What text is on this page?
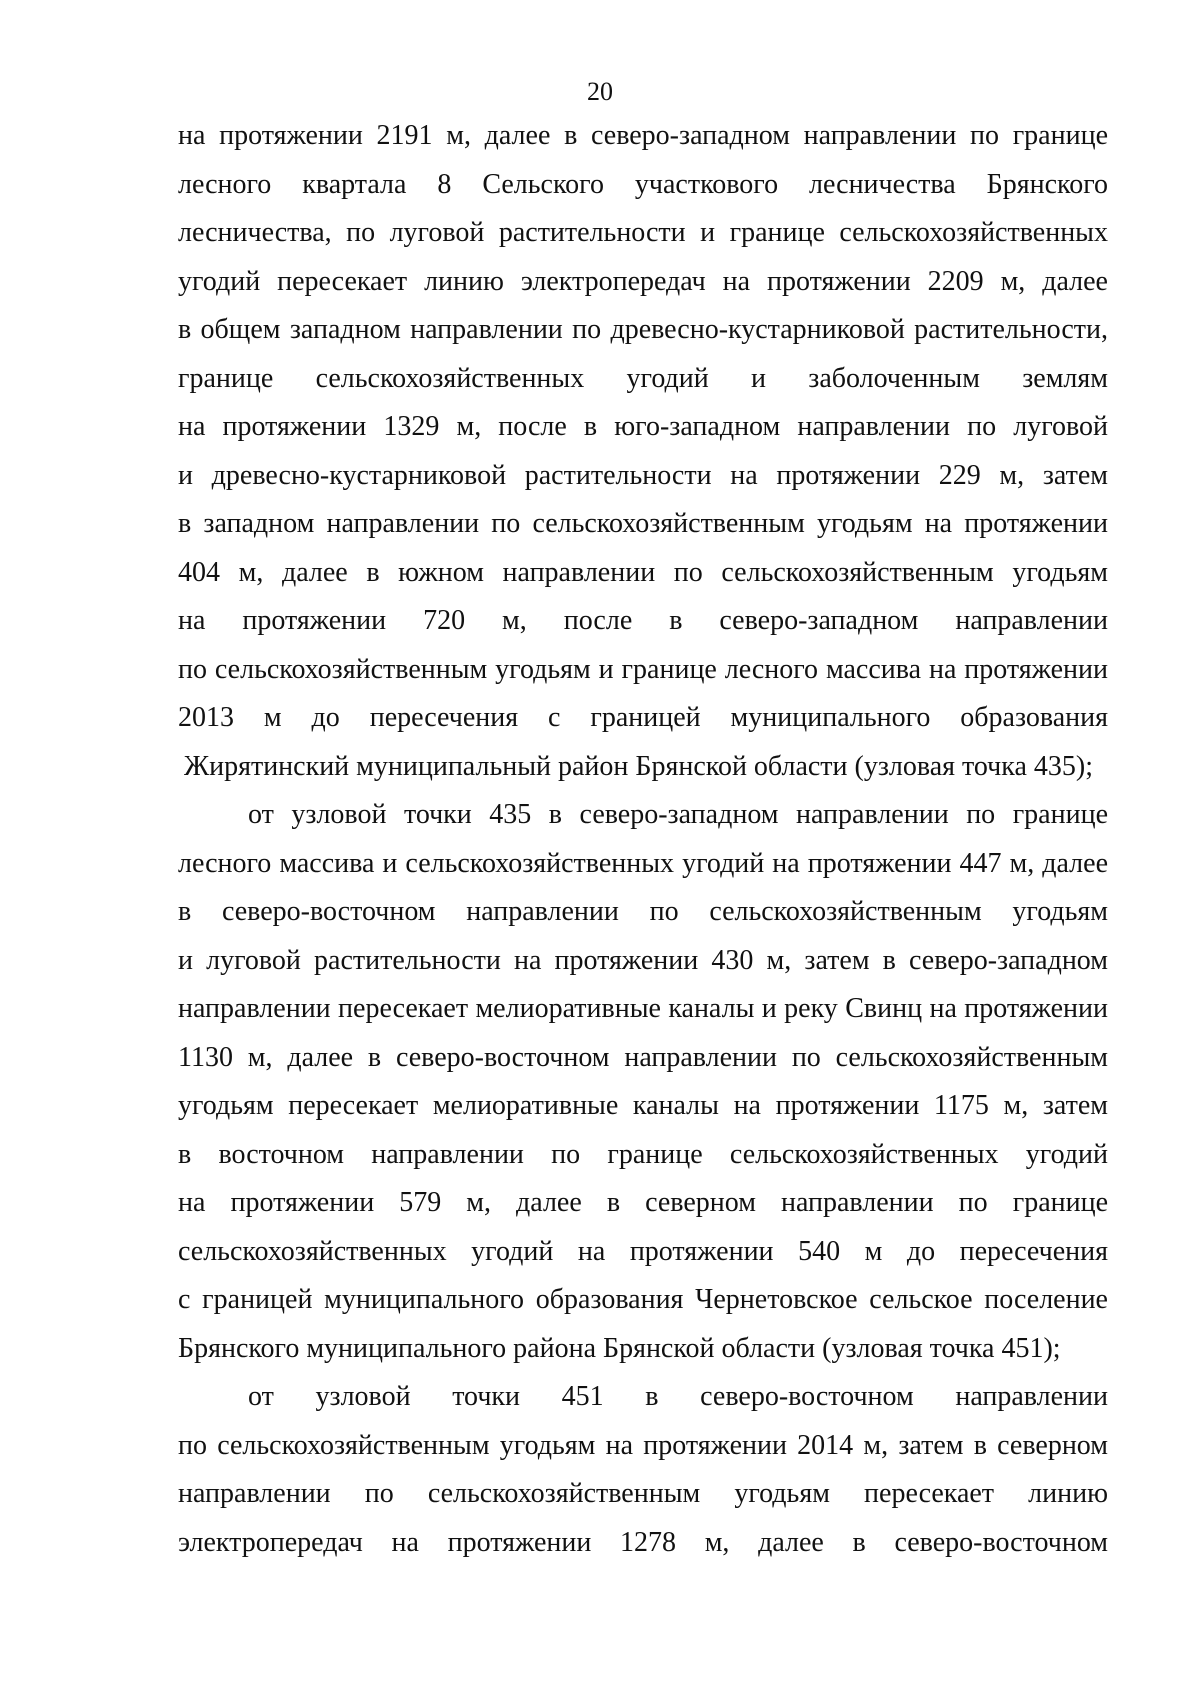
20
на протяжении 2191 м, далее в северо-западном направлении по границе
лесного квартала 8 Сельского участкового лесничества Брянского
лесничества, по луговой растительности и границе сельскохозяйственных
угодий пересекает линию электропередач на протяжении 2209 м, далее
в общем западном направлении по древесно-кустарниковой растительности,
границе сельскохозяйственных угодий и заболоченным землям
на протяжении 1329 м, после в юго-западном направлении по луговой
и древесно-кустарниковой растительности на протяжении 229 м, затем
в западном направлении по сельскохозяйственным угодьям на протяжении
404 м, далее в южном направлении по сельскохозяйственным угодьям
на протяжении 720 м, после в северо-западном направлении
по сельскохозяйственным угодьям и границе лесного массива на протяжении
2013 м до пересечения с границей муниципального образования
Жирятинский муниципальный район Брянской области (узловая точка 435);
от узловой точки 435 в северо-западном направлении по границе
лесного массива и сельскохозяйственных угодий на протяжении 447 м, далее
в северо-восточном направлении по сельскохозяйственным угодьям
и луговой растительности на протяжении 430 м, затем в северо-западном
направлении пересекает мелиоративные каналы и реку Свинц на протяжении
1130 м, далее в северо-восточном направлении по сельскохозяйственным
угодьям пересекает мелиоративные каналы на протяжении 1175 м, затем
в восточном направлении по границе сельскохозяйственных угодий
на протяжении 579 м, далее в северном направлении по границе
сельскохозяйственных угодий на протяжении 540 м до пересечения
с границей муниципального образования Чернетовское сельское поселение
Брянского муниципального района Брянской области (узловая точка 451);
от узловой точки 451 в северо-восточном направлении
по сельскохозяйственным угодьям на протяжении 2014 м, затем в северном
направлении по сельскохозяйственным угодьям пересекает линию
электропередач на протяжении 1278 м, далее в северо-восточном
